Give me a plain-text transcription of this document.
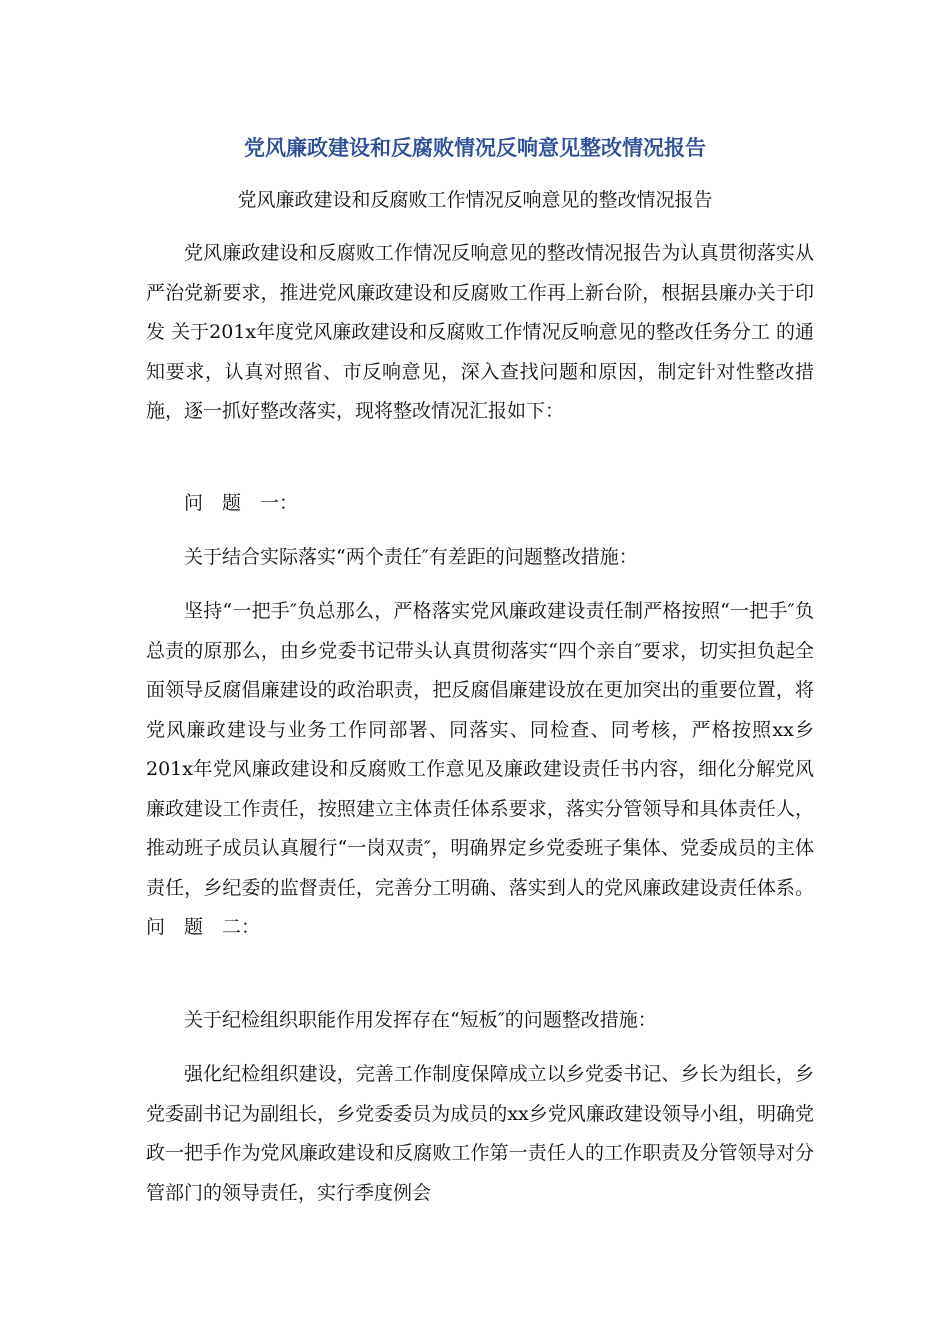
党风廉政建设和反腐败情况反响意见整改情况报告

党风廉政建设和反腐败工作情况反响意见的整改情况报告

党风廉政建设和反腐败工作情况反响意见的整改情况报告为认真贯彻落实从严治党新要求，推进党风廉政建设和反腐败工作再上新台阶，根据县廉办关于印发 关于201x年度党风廉政建设和反腐败工作情况反响意见的整改任务分工 的通知要求，认真对照省、市反响意见，深入查找问题和原因，制定针对性整改措施，逐一抓好整改落实，现将整改情况汇报如下：

问　题　一：

关于结合实际落实“两个责任″有差距的问题整改措施：

坚持“一把手″负总那么，严格落实党风廉政建设责任制严格按照“一把手″负总责的原那么，由乡党委书记带头认真贯彻落实“四个亲自″要求，切实担负起全面领导反腐倡廉建设的政治职责，把反腐倡廉建设放在更加突出的重要位置，将党风廉政建设与业务工作同部署、同落实、同检查、同考核，严格按照xx乡201x年党风廉政建设和反腐败工作意见及廉政建设责任书内容，细化分解党风廉政建设工作责任，按照建立主体责任体系要求，落实分管领导和具体责任人，推动班子成员认真履行“一岗双责″，明确界定乡党委班子集体、党委成员的主体责任，乡纪委的监督责任，完善分工明确、落实到人的党风廉政建设责任体系。问　题　二：

关于纪检组织职能作用发挥存在“短板″的问题整改措施：

强化纪检组织建设，完善工作制度保障成立以乡党委书记、乡长为组长，乡党委副书记为副组长，乡党委委员为成员的xx乡党风廉政建设领导小组，明确党政一把手作为党风廉政建设和反腐败工作第一责任人的工作职责及分管领导对分管部门的领导责任，实行季度例会
